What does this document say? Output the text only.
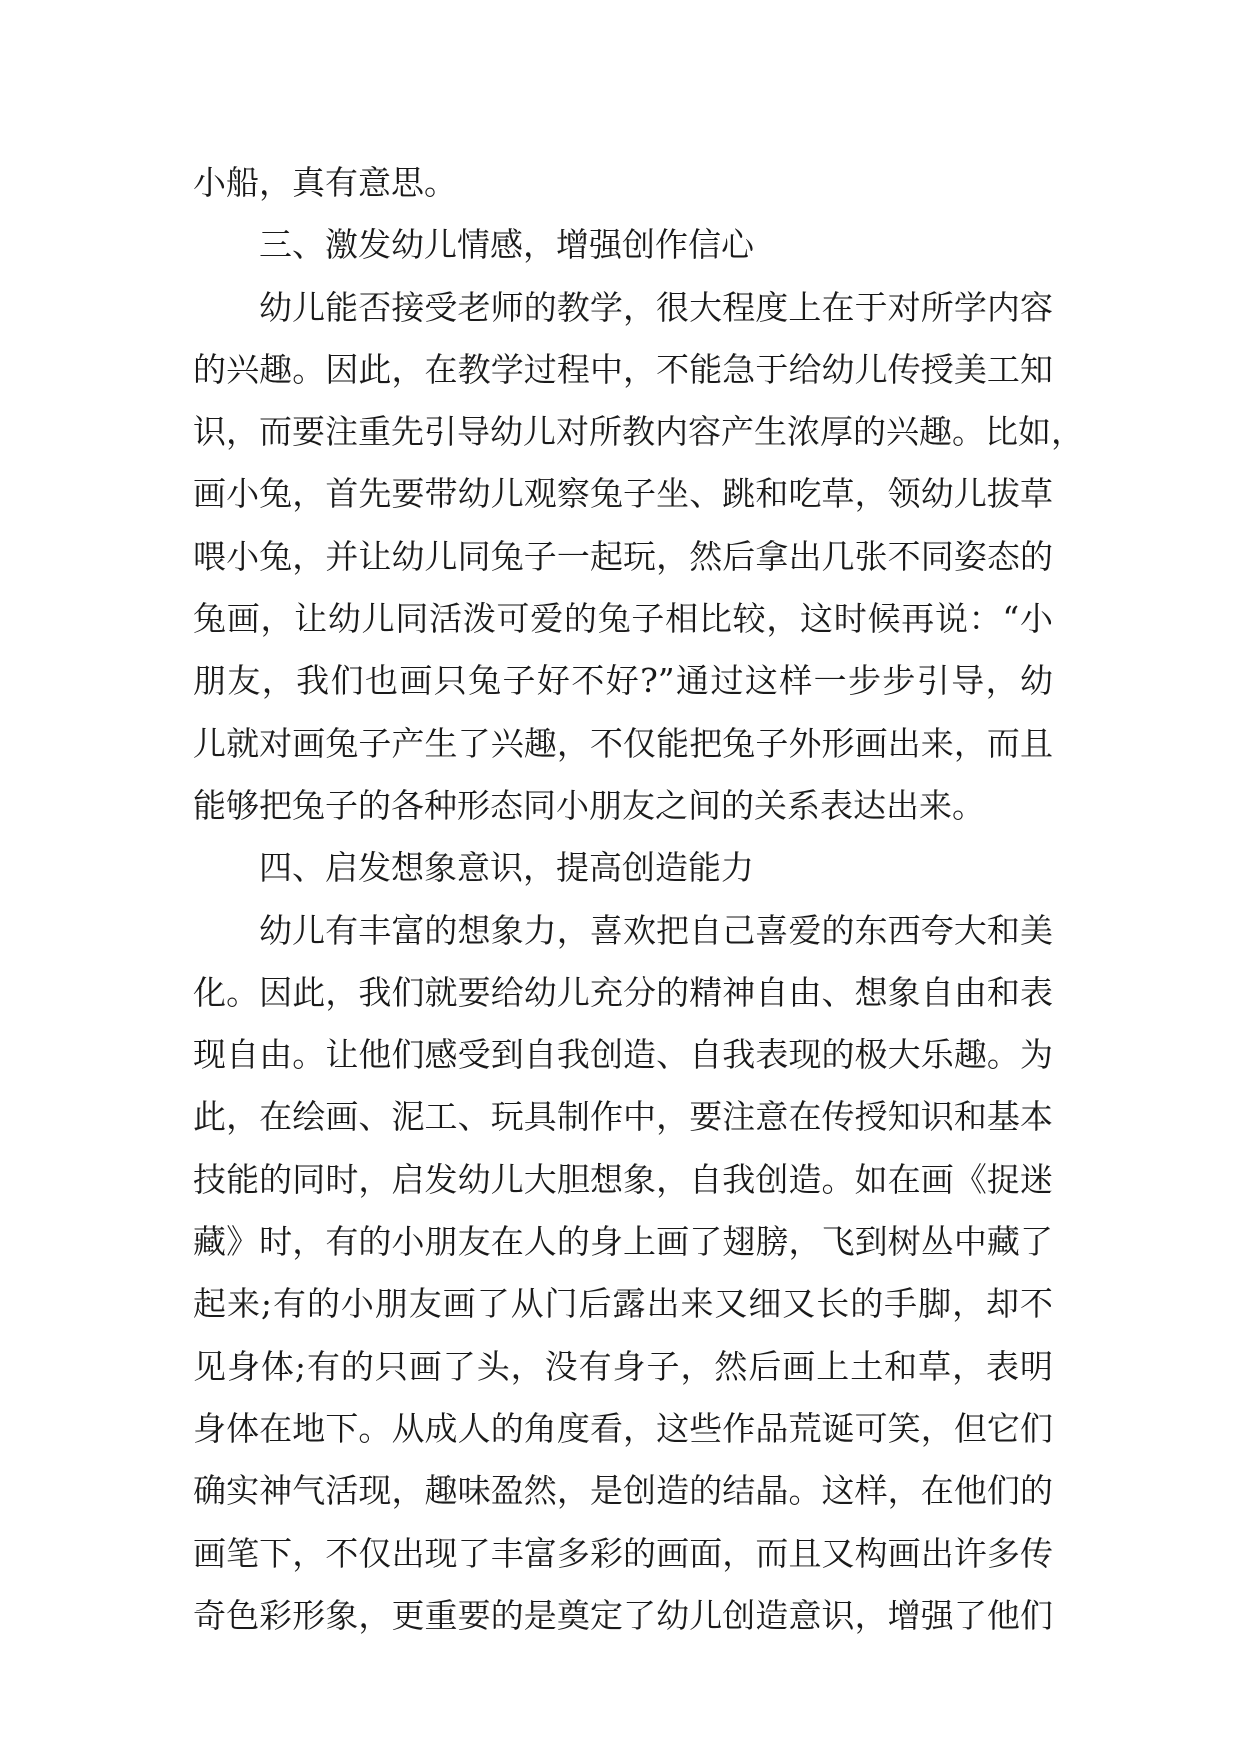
小船，真有意思。
三、激发幼儿情感，增强创作信心
幼儿能否接受老师的教学，很大程度上在于对所学内容
的兴趣。因此，在教学过程中，不能急于给幼儿传授美工知
识，而要注重先引导幼儿对所教内容产生浓厚的兴趣。比如，
画小兔，首先要带幼儿观察兔子坐、跳和吃草，领幼儿拔草
喂小兔，并让幼儿同兔子一起玩，然后拿出几张不同姿态的
兔画，让幼儿同活泼可爱的兔子相比较，这时候再说：“小
朋友，我们也画只兔子好不好?”通过这样一步步引导，幼
儿就对画兔子产生了兴趣，不仅能把兔子外形画出来，而且
能够把兔子的各种形态同小朋友之间的关系表达出来。
四、启发想象意识，提高创造能力
幼儿有丰富的想象力，喜欢把自己喜爱的东西夸大和美
化。因此，我们就要给幼儿充分的精神自由、想象自由和表
现自由。让他们感受到自我创造、自我表现的极大乐趣。为
此，在绘画、泥工、玩具制作中，要注意在传授知识和基本
技能的同时，启发幼儿大胆想象，自我创造。如在画《捉迷
藏》时，有的小朋友在人的身上画了翅膀，飞到树丛中藏了
起来;有的小朋友画了从门后露出来又细又长的手脚，却不
见身体;有的只画了头，没有身子，然后画上土和草，表明
身体在地下。从成人的角度看，这些作品荒诞可笑，但它们
确实神气活现，趣味盈然，是创造的结晶。这样，在他们的
画笔下，不仅出现了丰富多彩的画面，而且又构画出许多传
奇色彩形象，更重要的是奠定了幼儿创造意识，增强了他们
